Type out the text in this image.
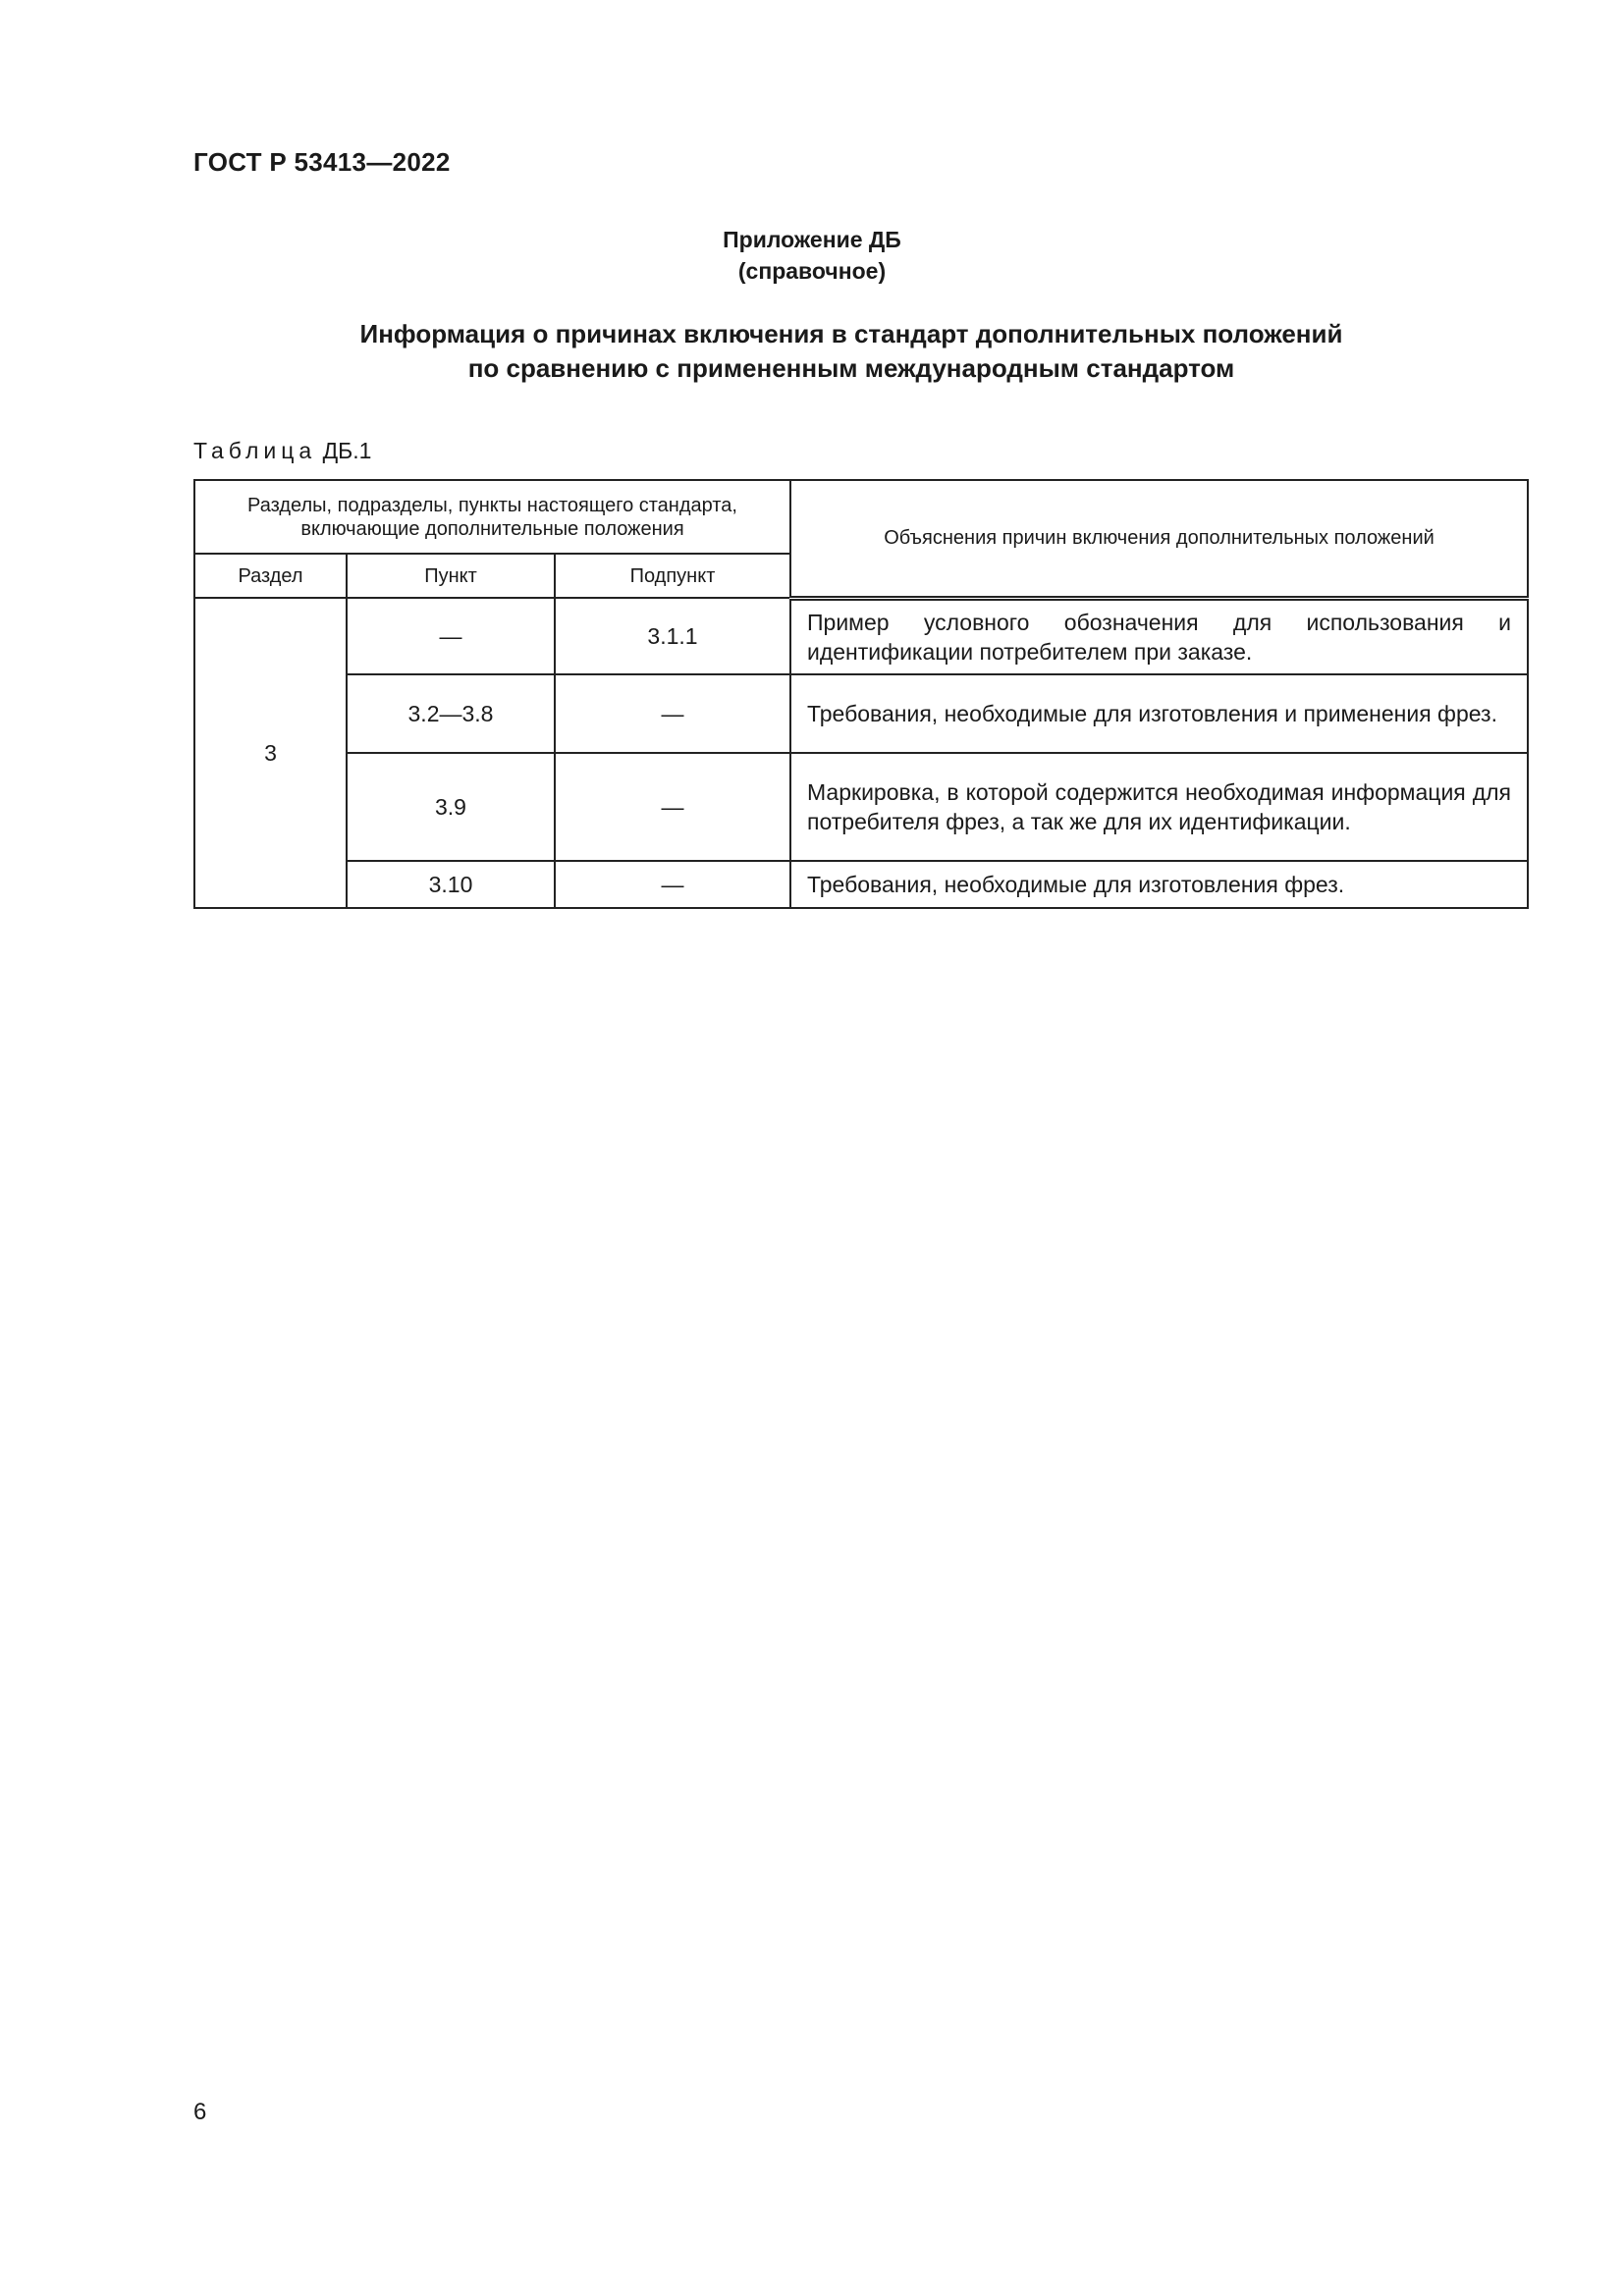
ГОСТ Р 53413—2022
Приложение ДБ
(справочное)
Информация о причинах включения в стандарт дополнительных положений
по сравнению с примененным международным стандартом
Таблица ДБ.1
Разделы, подразделы, пункты настоящего стандарта, включающие дополнительные положения			Объяснения причин включения дополнительных положений
Раздел	Пункт	Подпункт	
3	—	3.1.1	Пример условного обозначения для использования и идентификации потребителем при заказе.
	3.2—3.8	—	Требования, необходимые для изготовления и применения фрез.
	3.9	—	Маркировка, в которой содержится необходимая информация для потребителя фрез, а так же для их идентификации.
	3.10	—	Требования, необходимые для изготовления фрез.
6
